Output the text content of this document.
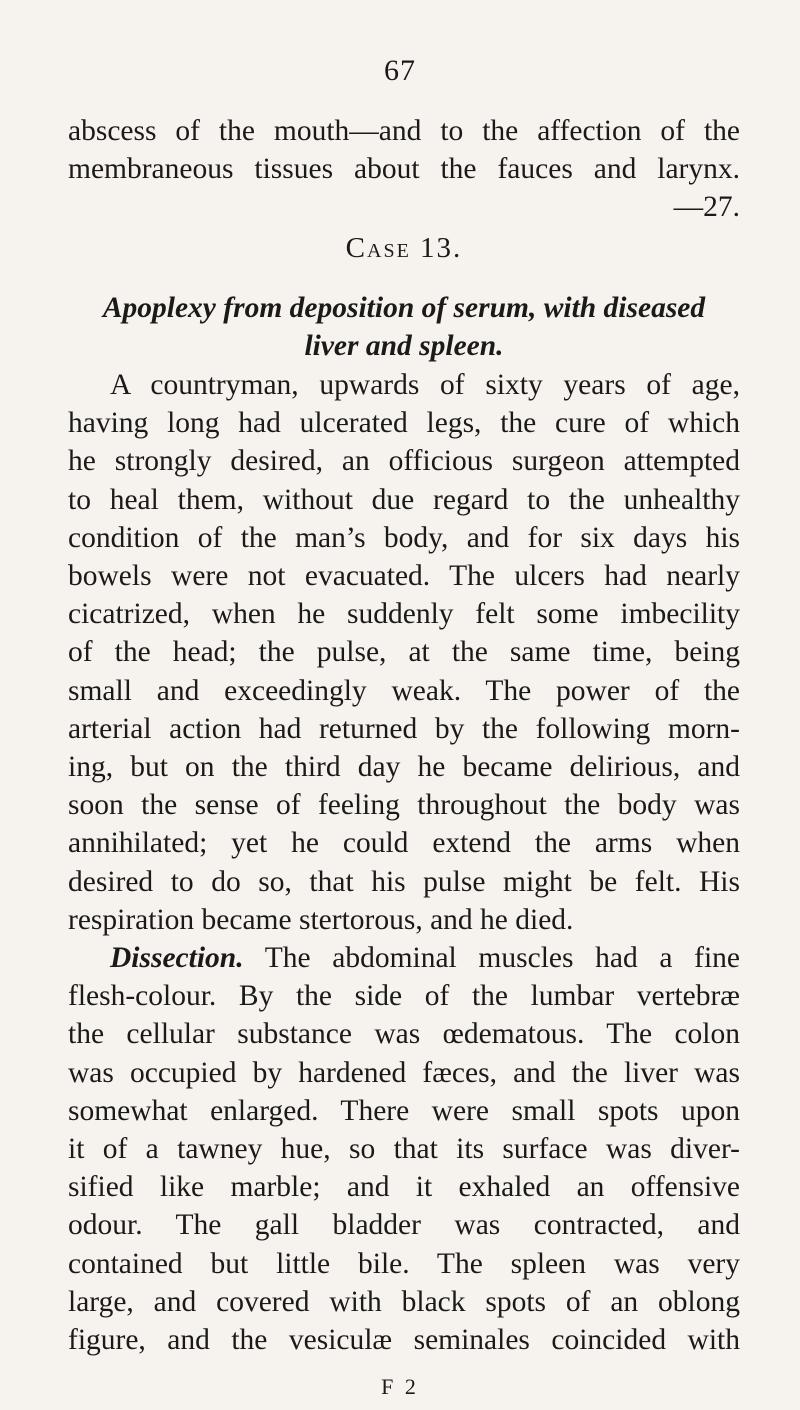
67
abscess of the mouth—and to the affection of the
membraneous tissues about the fauces and larynx.
—27.
Case 13.
Apoplexy from deposition of serum, with diseased
liver and spleen.
A countryman, upwards of sixty years of age,
having long had ulcerated legs, the cure of which
he strongly desired, an officious surgeon attempted
to heal them, without due regard to the unhealthy
condition of the man’s body, and for six days his
bowels were not evacuated. The ulcers had nearly
cicatrized, when he suddenly felt some imbecility
of the head; the pulse, at the same time, being
small and exceedingly weak. The power of the
arterial action had returned by the following morn-
ing, but on the third day he became delirious, and
soon the sense of feeling throughout the body was
annihilated; yet he could extend the arms when
desired to do so, that his pulse might be felt. His
respiration became stertorous, and he died.
Dissection. The abdominal muscles had a fine
flesh-colour. By the side of the lumbar vertebræ
the cellular substance was œdematous. The colon
was occupied by hardened fæces, and the liver was
somewhat enlarged. There were small spots upon
it of a tawney hue, so that its surface was diver-
sified like marble; and it exhaled an offensive
odour. The gall bladder was contracted, and
contained but little bile. The spleen was very
large, and covered with black spots of an oblong
figure, and the vesiculæ seminales coincided with
F 2
